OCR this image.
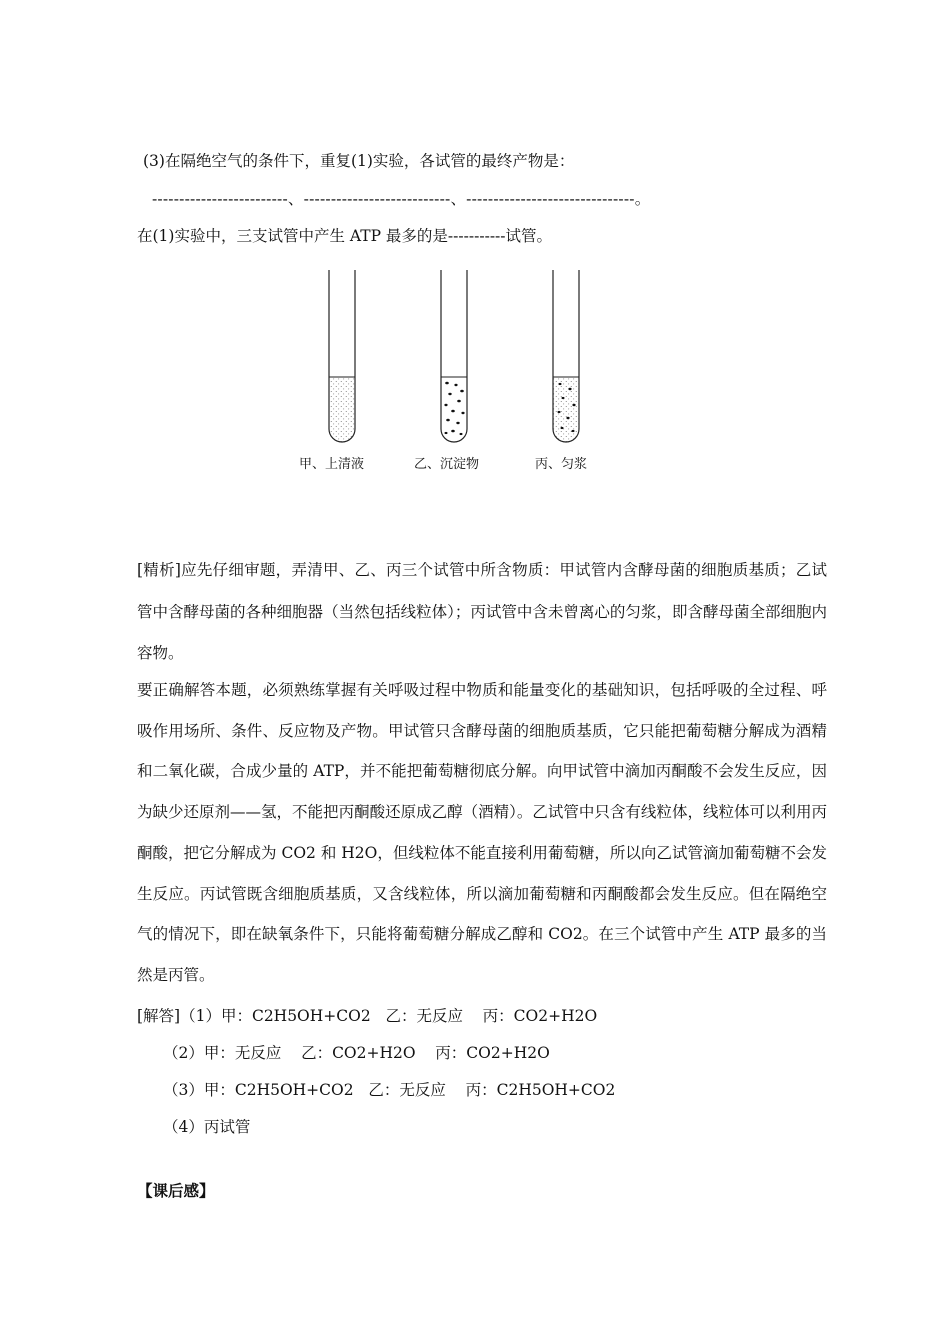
(3)在隔绝空气的条件下，重复(1)实验，各试管的最终产物是：
-------------------------、---------------------------、-------------------------------。
在(1)实验中，三支试管中产生 ATP 最多的是-----------试管。
甲、上清液	乙、沉淀物	丙、匀浆
[精析]应先仔细审题，弄清甲、乙、丙三个试管中所含物质：甲试管内含酵母菌的细胞质基质；乙试管中含酵母菌的各种细胞器（当然包括线粒体）；丙试管中含未曾离心的匀浆，即含酵母菌全部细胞内容物。
要正确解答本题，必须熟练掌握有关呼吸过程中物质和能量变化的基础知识，包括呼吸的全过程、呼吸作用场所、条件、反应物及产物。甲试管只含酵母菌的细胞质基质，它只能把葡萄糖分解成为酒精和二氧化碳，合成少量的 ATP，并不能把葡萄糖彻底分解。向甲试管中滴加丙酮酸不会发生反应，因为缺少还原剂——氢，不能把丙酮酸还原成乙醇（酒精）。乙试管中只含有线粒体，线粒体可以利用丙酮酸，把它分解成为 CO2 和 H2O，但线粒体不能直接利用葡萄糖，所以向乙试管滴加葡萄糖不会发生反应。丙试管既含细胞质基质，又含线粒体，所以滴加葡萄糖和丙酮酸都会发生反应。但在隔绝空气的情况下，即在缺氧条件下，只能将葡萄糖分解成乙醇和 CO2。在三个试管中产生 ATP 最多的当然是丙管。
[解答]（1）甲：C2H5OH+CO2   乙：无反应    丙：CO2+H2O
（2）甲：无反应    乙：CO2+H2O    丙：CO2+H2O
（3）甲：C2H5OH+CO2   乙：无反应    丙：C2H5OH+CO2
（4）丙试管
【课后感】
